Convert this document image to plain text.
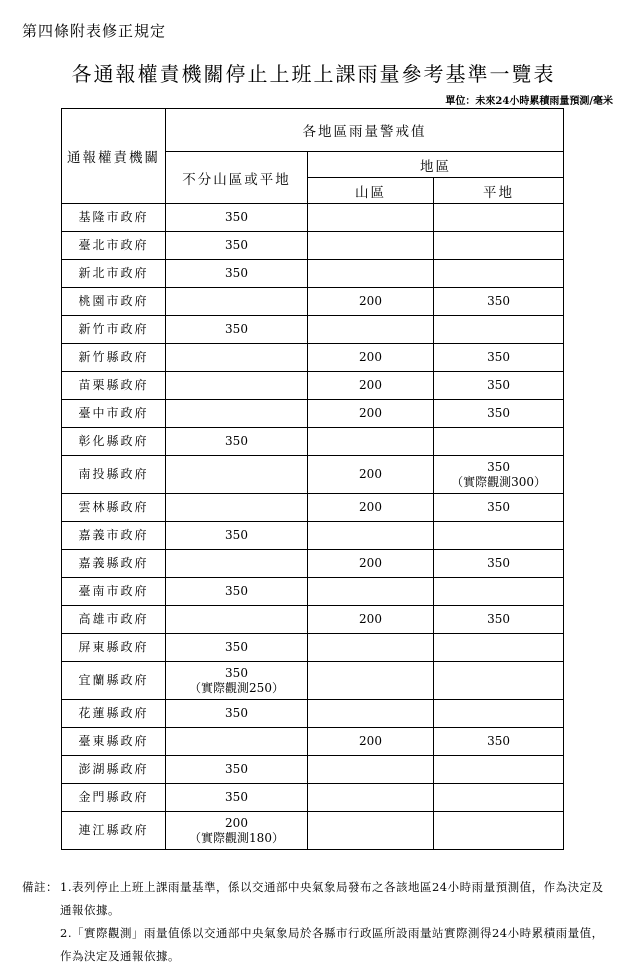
第四條附表修正規定
各通報權責機關停止上班上課雨量參考基準一覽表
單位：未來24小時累積雨量預測/毫米
通報權責機關	各地區雨量警戒值		
	不分山區或平地	地區	
		山區	平地

基隆市政府	350		

臺北市政府	350		

新北市政府	350		

桃園市政府		200	350

新竹市政府	350		

新竹縣政府		200	350

苗栗縣政府		200	350

臺中市政府		200	350

彰化縣政府	350		

南投縣政府		200	350
（實際觀測300）

雲林縣政府		200	350

嘉義市政府	350		

嘉義縣政府		200	350

臺南市政府	350		

高雄市政府		200	350

屏東縣政府	350		

宜蘭縣政府	350
（實際觀測250）		

花蓮縣政府	350		

臺東縣政府		200	350

澎湖縣政府	350		

金門縣政府	350		

連江縣政府	200
（實際觀測180）		

備註： 1.表列停止上班上課雨量基準，係以交通部中央氣象局發布之各該地區24小時雨量預測值，作為決定及通報依據。
2.「實際觀測」雨量值係以交通部中央氣象局於各縣市行政區所設雨量站實際測得24小時累積雨量值，作為決定及通報依據。
